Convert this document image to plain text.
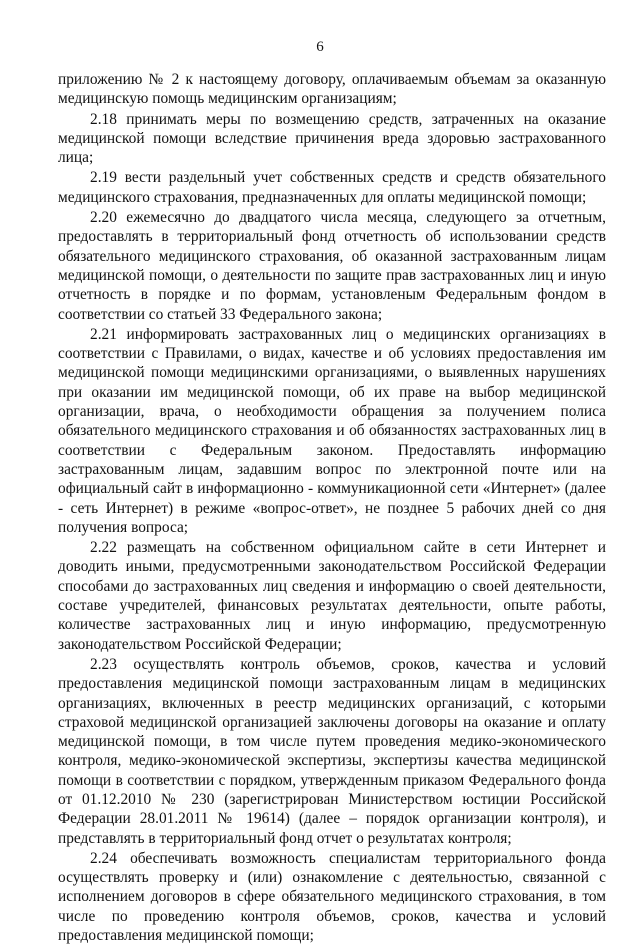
6

приложению № 2 к настоящему договору, оплачиваемым объемам за оказанную медицинскую помощь медицинским организациям;

2.18 принимать меры по возмещению средств, затраченных на оказание медицинской помощи вследствие причинения вреда здоровью застрахованного лица;

2.19 вести раздельный учет собственных средств и средств обязательного медицинского страхования, предназначенных для оплаты медицинской помощи;

2.20 ежемесячно до двадцатого числа месяца, следующего за отчетным, предоставлять в территориальный фонд отчетность об использовании средств обязательного медицинского страхования, об оказанной застрахованным лицам медицинской помощи, о деятельности по защите прав застрахованных лиц и иную отчетность в порядке и по формам, установленым Федеральным фондом в соответствии со статьей 33 Федерального закона;

2.21 информировать застрахованных лиц о медицинских организациях в соответствии с Правилами, о видах, качестве и об условиях предоставления им медицинской помощи медицинскими организациями, о выявленных нарушениях при оказании им медицинской помощи, об их праве на выбор медицинской организации, врача, о необходимости обращения за получением полиса обязательного медицинского страхования и об обязанностях застрахованных лиц в соответствии с Федеральным законом. Предоставлять информацию застрахованным лицам, задавшим вопрос по электронной почте или на официальный сайт в информационно - коммуникационной сети «Интернет» (далее - сеть Интернет) в режиме «вопрос-ответ», не позднее 5 рабочих дней со дня получения вопроса;

2.22 размещать на собственном официальном сайте в сети Интернет и доводить иными, предусмотренными законодательством Российской Федерации способами до застрахованных лиц сведения и информацию о своей деятельности, составе учредителей, финансовых результатах деятельности, опыте работы, количестве застрахованных лиц и иную информацию, предусмотренную законодательством Российской Федерации;

2.23 осуществлять контроль объемов, сроков, качества и условий предоставления медицинской помощи застрахованным лицам в медицинских организациях, включенных в реестр медицинских организаций, с которыми страховой медицинской организацией заключены договоры на оказание и оплату медицинской помощи, в том числе путем проведения медико-экономического контроля, медико-экономической экспертизы, экспертизы качества медицинской помощи в соответствии с порядком, утвержденным приказом Федерального фонда от 01.12.2010 № 230 (зарегистрирован Министерством юстиции Российской Федерации 28.01.2011 № 19614) (далее – порядок организации контроля), и представлять в территориальный фонд отчет о результатах контроля;

2.24 обеспечивать возможность специалистам территориального фонда осуществлять проверку и (или) ознакомление с деятельностью, связанной с исполнением договоров в сфере обязательного медицинского страхования, в том числе по проведению контроля объемов, сроков, качества и условий предоставления медицинской помощи;
